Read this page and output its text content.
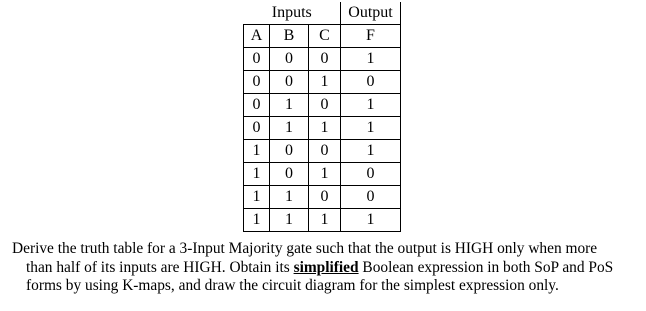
Inputs			Output
A	B	C	F
0	0	0	1
0	0	1	0
0	1	0	1
0	1	1	1
1	0	0	1
1	0	1	0
1	1	0	0
1	1	1	1

Derive the truth table for a 3-Input Majority gate such that the output is HIGH only when more

than half of its inputs are HIGH. Obtain its simplified Boolean expression in both SoP and PoS

forms by using K-maps, and draw the circuit diagram for the simplest expression only.
